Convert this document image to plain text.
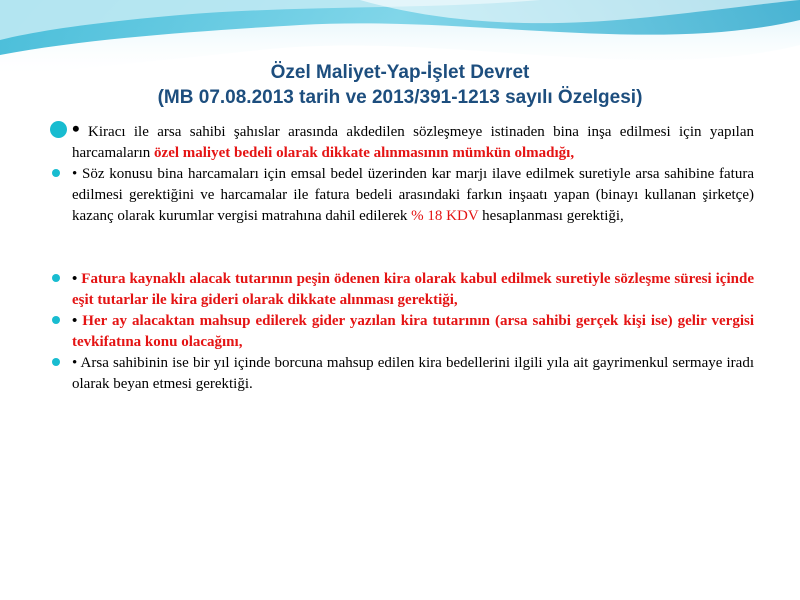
Özel Maliyet-Yap-İşlet Devret
(MB 07.08.2013 tarih ve 2013/391-1213 sayılı Özelgesi)

• Kiracı ile arsa sahibi şahıslar arasında akdedilen sözleşmeye istinaden bina inşa edilmesi için yapılan harcamaların özel maliyet bedeli olarak dikkate alınmasının mümkün olmadığı,

• Söz konusu bina harcamaları için emsal bedel üzerinden kar marjı ilave edilmek suretiyle arsa sahibine fatura edilmesi gerektiğini ve harcamalar ile fatura bedeli arasındaki farkın inşaatı yapan (binayı kullanan şirketçe) kazanç olarak kurumlar vergisi matrahına dahil edilerek % 18 KDV hesaplanması gerektiği,

• Fatura kaynaklı alacak tutarının peşin ödenen kira olarak kabul edilmek suretiyle sözleşme süresi içinde eşit tutarlar ile kira gideri olarak dikkate alınması gerektiği,

• Her ay alacaktan mahsup edilerek gider yazılan kira tutarının (arsa sahibi gerçek kişi ise) gelir vergisi tevkifatına konu olacağını,

• Arsa sahibinin ise bir yıl içinde borcuna mahsup edilen kira bedellerini ilgili yıla ait gayrimenkul sermaye iradı olarak beyan etmesi gerektiği.
